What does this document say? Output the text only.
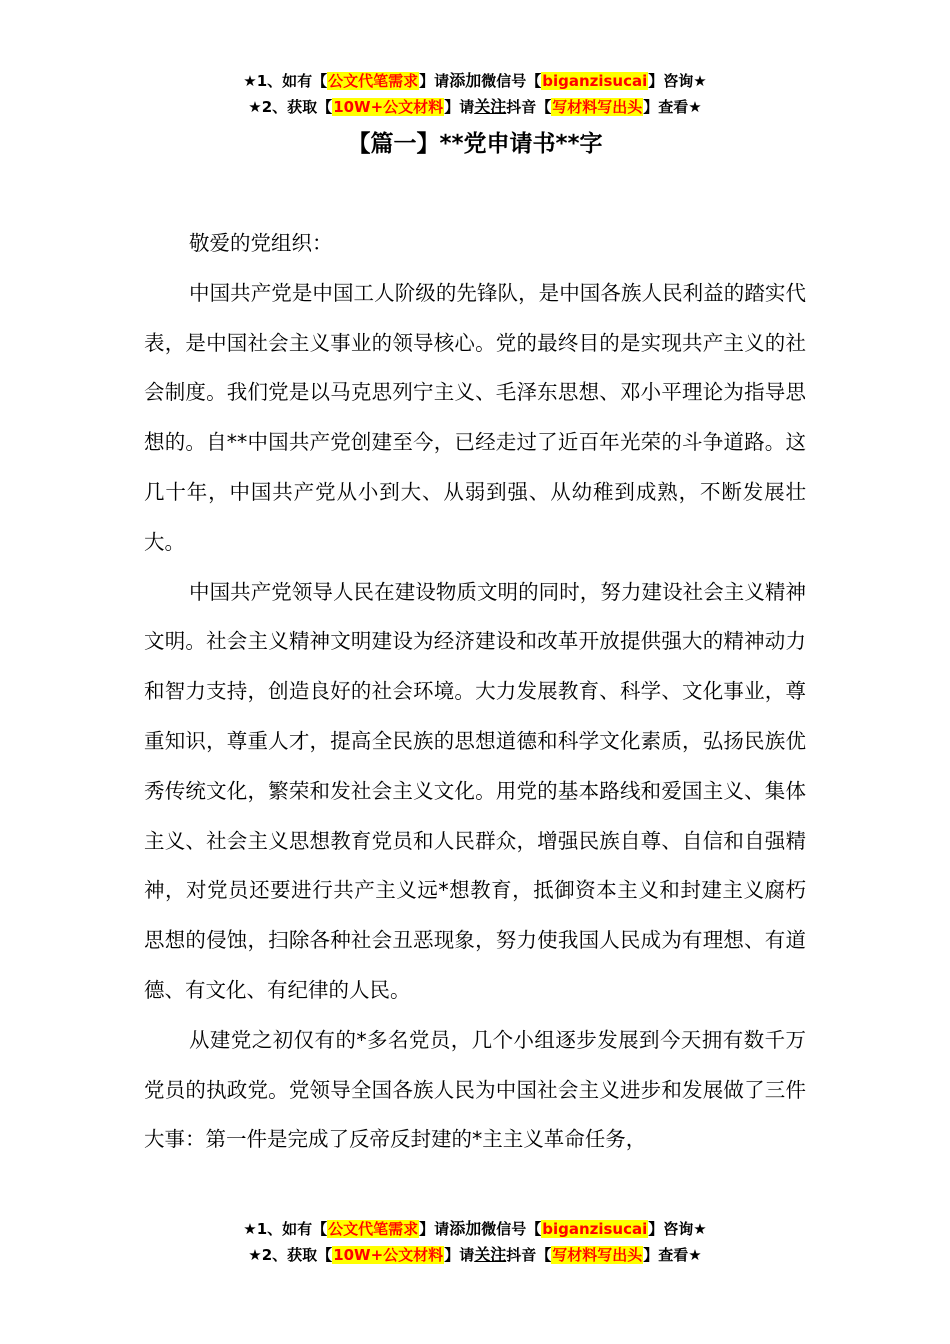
★1、如有【公文代笔需求】请添加微信号【biganzisucai】咨询★
★2、获取【10W+公文材料】请关注抖音【写材料写出头】查看★
【篇一】**党申请书**字

敬爱的党组织：

中国共产党是中国工人阶级的先锋队，是中国各族人民利益的踏实代表，是中国社会主义事业的领导核心。党的最终目的是实现共产主义的社会制度。我们党是以马克思列宁主义、毛泽东思想、邓小平理论为指导思想的。自**中国共产党创建至今，已经走过了近百年光荣的斗争道路。这几十年，中国共产党从小到大、从弱到强、从幼稚到成熟，不断发展壮大。

中国共产党领导人民在建设物质文明的同时，努力建设社会主义精神文明。社会主义精神文明建设为经济建设和改革开放提供强大的精神动力和智力支持，创造良好的社会环境。大力发展教育、科学、文化事业，尊重知识，尊重人才，提高全民族的思想道德和科学文化素质，弘扬民族优秀传统文化，繁荣和发社会主义文化。用党的基本路线和爱国主义、集体主义、社会主义思想教育党员和人民群众，增强民族自尊、自信和自强精神，对党员还要进行共产主义远*想教育，抵御资本主义和封建主义腐朽思想的侵蚀，扫除各种社会丑恶现象，努力使我国人民成为有理想、有道德、有文化、有纪律的人民。

从建党之初仅有的*多名党员，几个小组逐步发展到今天拥有数千万党员的执政党。党领导全国各族人民为中国社会主义进步和发展做了三件大事：第一件是完成了反帝反封建的*主主义革命任务，

★1、如有【公文代笔需求】请添加微信号【biganzisucai】咨询★
★2、获取【10W+公文材料】请关注抖音【写材料写出头】查看★
